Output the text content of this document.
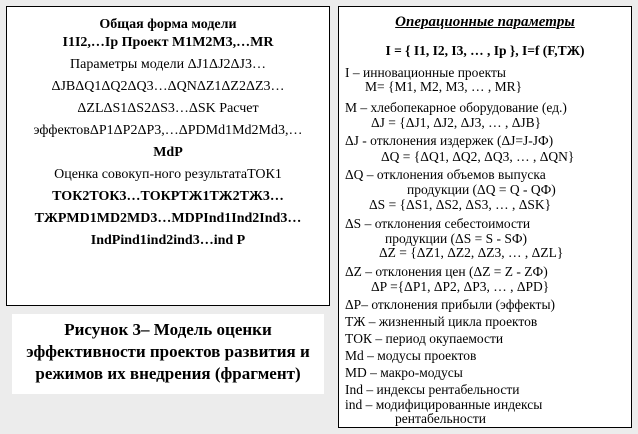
Общая форма модели
I1I2,…Ip Проект M1M2M3,…MR
Параметры модели ΔJ1ΔJ2ΔJ3…
ΔJBΔQ1ΔQ2ΔQ3…ΔQNΔZ1ΔZ2ΔZ3…
ΔZLΔS1ΔS2ΔS3…ΔSK Расчет
эффектовΔP1ΔP2ΔP3,…ΔPDMd1Md2Md3,…
MdP
Оценка совокуп-ного результатаТОК1
ТОК2ТОК3…ТОКPTЖ1TЖ2TЖ3…
TЖPMD1MD2MD3…MDPInd1Ind2Ind3…
IndPind1ind2ind3…ind P
Рисунок 3– Модель оценки
эффективности проектов развития и
режимов их внедрения (фрагмент)
Операционные параметры
I = { I1, I2, I3, … , Ip }, I=f (F,TЖ)
I – инновационные проекты
M= {M1, M2, M3, … , MR}
M – хлебопекарное оборудование (ед.)
ΔJ = {ΔJ1, ΔJ2, ΔJ3, … , ΔJB}
ΔJ - отклонения издержек (ΔJ=J-JФ)
ΔQ = {ΔQ1, ΔQ2, ΔQ3, … , ΔQN}
ΔQ – отклонения объемов выпуска
продукции (ΔQ = Q - QФ)
ΔS = {ΔS1, ΔS2, ΔS3, … , ΔSK}
ΔS – отклонения себестоимости
продукции (ΔS = S - SФ)
ΔZ = {ΔZ1, ΔZ2, ΔZ3, … , ΔZL}
ΔZ – отклонения цен (ΔZ = Z - ZФ)
ΔP ={ΔP1, ΔP2, ΔP3, … , ΔPD}
ΔP– отклонения прибыли (эффекты)
TЖ – жизненный цикла проектов
TОК – период окупаемости
Md – модусы проектов
MD – макро-модусы
Ind – индексы рентабельности
ind – модифицированные индексы
рентабельности
